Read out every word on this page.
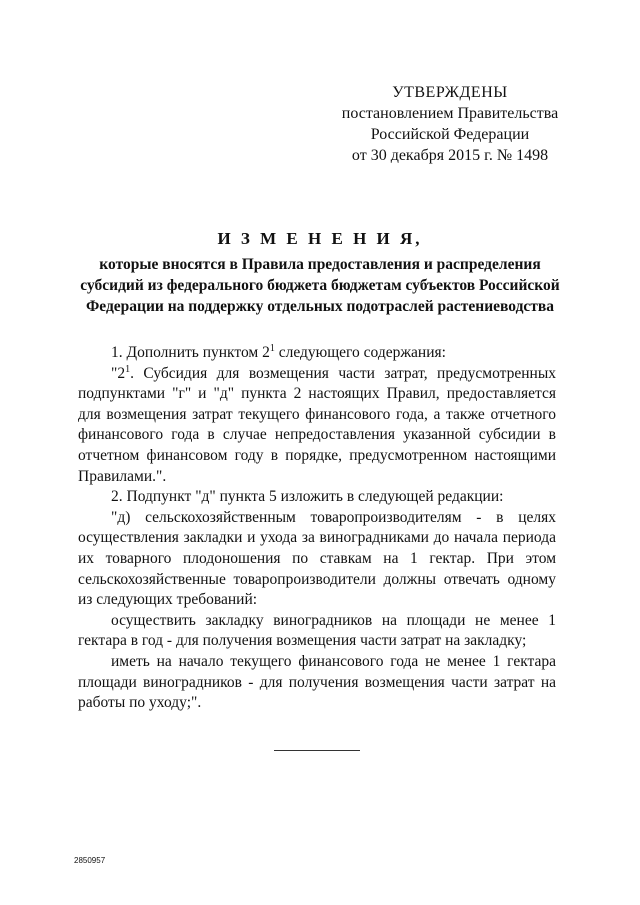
УТВЕРЖДЕНЫ
постановлением Правительства
Российской Федерации
от 30 декабря 2015 г. № 1498
И З М Е Н Е Н И Я,
которые вносятся в Правила предоставления и распределения
субсидий из федерального бюджета бюджетам субъектов Российской
Федерации на поддержку отдельных подотраслей растениеводства

1. Дополнить пунктом $2^1$ следующего содержания:

"$2^1$. Субсидия для возмещения части затрат, предусмотренных подпунктами "г" и "д" пункта 2 настоящих Правил, предоставляется для возмещения затрат текущего финансового года, а также отчетного финансового года в случае непредоставления указанной субсидии в отчетном финансовом году в порядке, предусмотренном настоящими Правилами.".

2. Подпункт "д" пункта 5 изложить в следующей редакции:

"д) сельскохозяйственным товаропроизводителям - в целях осуществления закладки и ухода за виноградниками до начала периода их товарного плодоношения по ставкам на 1 гектар. При этом сельскохозяйственные товаропроизводители должны отвечать одному из следующих требований:

осуществить закладку виноградников на площади не менее 1 гектара в год - для получения возмещения части затрат на закладку;

иметь на начало текущего финансового года не менее 1 гектара площади виноградников - для получения возмещения части затрат на работы по уходу;".

2850957
